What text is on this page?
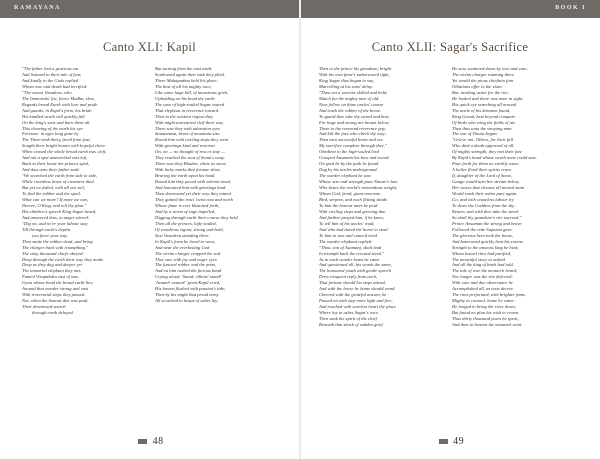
RAMAYANA
Canto XLI: Kapil
"The father lent a gracious ear
And listened to their tale of fear,
And kindly to the Gods replied
Whom woe and death had terrified:
"The wisest Vasudeva, who
The Immortals' foe, fierce Madhu, slew,
Regards broad Earth with love and pride
And guards, in Kapil's form, his bride.
His kindled wrath will quickly fall
On the king's sons and burn them all.
This cleaving of the earth his eye
Foresaw: in ages long gone by
The Three-and-thirty, freed from fear,
Sought their bright homes with hopeful cheer.
When ceased the whole broad earth was cleft,
And not a spot unsearched was left,
Back to their home the princes sped,
And thus unto their father said:
"We searched the earth from side to side,
While countless hosts of creatures died.
But yet we failed, with all our toil,
To find the robber and the spoil.
What can we more? If more we can,
Decree, O King, and tell thy plan."
His children's speech King Sagar heard,
And answered thus, to anger stirred:
"Dig on, and ne'er your labour stay
Till through earth's depths
you force your way.
Then smite the robber dead, and bring
The charger back with triumphing."
The sixty thousand chiefs obeyed:
Deep through the earth their way they made.
Deep as they dug and deeper yet
The immortal elephant they met,
Famed Virupaksha vast of size,
Upon whose head the broad earth lies:
Around that wonder strong and vast
With reverential steps they passed.
Nor, when the honour due was paid,
Their downward search
through earth delayed.
But turning from the east aside
Southward again their task they plied.
There Mahapadma held his place,
The best of all his mighty race,
Like some huge hill, of monstrous girth,
Upholding on his head the earth.
The sons of high-souled Sagar roared
That elephant in reverence toward.
Then in the western region they
With might unwearied cleft their way.
There saw they with adoration eyes
Saumanasa, beast of mountain size.
Round him with circling steps they went
With greetings kind and reverent.
On, on — no thought of rest or stay —
They reached the seat of Soma's sway.
There saw they Bhadra, white as snow,
With lucky marks that fortune show,
Bearing the earth upon his head.
Round him they paced with solemn tread,
And honoured him with greetings kind.
Then downward yet their way they mined.
They gained the tract 'twixt east and north
Whose fame is ever blazoned forth,
And by a storm of rage impelled,
Digging through earth their course they held.
Then all the princes, lofty-souled,
Of wondrous vigour, strong and bold,
Saw Vasudeva standing there
In Kapil's form he loved to wear,
And near the everlasting God
The victim charger cropped the sod.
They saw with joy and eager eyes
The fancied robber and the prize,
And on him rushed the furious band
Crying aloud, 'Stand, villain! stand!'
'Avaunt! avaunt!' great Kapil cried,
His bosom flushed with passion's tide;
Then by his might that proud army
All scorched to heaps of ashes lay.
48
BOOK I
Canto XLII: Sagar's Sacrifice
Then to the prince his grandson, bright
With his own fame's unborrowed light,
King Sagar thus began to say,
Marvelling at his sons' delay:
"Thou art a warrior skilled and bold,
Match for the mighty men of old.
Now follow on thine uncles' course
And track the robber of the horse.
To guard thee take thy sword and bow,
For huge and strong are beasts below.
There to the reverend reverence pay,
And kill the foes who check thy way;
Then turn successful home and see
My sacrifice complete through thee."
Obedient to the high-souled lord
Grasped Ansumán his bow and sword.
On sped he by the path he found
Dug by his uncles underground.
The warder elephant he saw
Whose size and strength pass Nature's law,
Who bears the world's tremendous weight,
Whom God, fiend, giant venerate,
Bird, serpent, and each flitting shade.
To him the honour meet he paid
With circling steps and greeting due,
And further prayed him, if he knew,
To tell him of his uncles' road,
And who had dared the horse to steal.
To him in war and council tried
The warder elephant replied:
"Thou, son of Asamanj, shalt lead
In triumph back the rescued steed."
As to each warder beast he came
And questioned all, his words the same,
The honoured youth with gentle speech
Drew eloquent reply from each,
That fortune should his steps attend,
And with the horse he home should wend.
Cheered with the grateful answer, he
Passed on with step more light and free,
And reached with careless heart the place
Where lay in ashes Sagar's race.
Then sank the spirit of the chief
Beneath that shock of sudden grief.
He saw, scattered down by woe and care,
The victim charger roaming there.
Yet would the pious chieftain fain
Oblations offer to the slain:
But, needing water for the rite,
He looked and there was none in sight.
His quick eye searching all around
The uncle of his kinsmen found,
King Garud, best beyond compare
Of birds who wing the fields of air.
Then thus unto the weeping man
The son of Vinata began:
"Grieve not. Others, for their fall
Who died a death approved of all.
Of mighty strength, they met their fate
By Kapil's hand whose wrath none could sate.
Pour forth for them no earthly wave,
A holier flood their spirits crave.
If, daughter of the Lord of Snow,
Ganga would turn her stream below,
Her waves that cleanse all mortal stain
Would wash their ashes pure again.
Go, and with ceaseless labour try
To draw the Goddess from the sky.
Return, and with thee take the steed:
So shall thy grandsire's rite succeed."
Prince Ansuman the strong and brave
Followed the rede Suparna gave.
The glorious hero took the horse,
And homeward quickly bent his course.
Straight to the anxious king he hied,
Whom lustral rites had purified,
The mournful story to unfold
And all the king of birds had told.
The tale of woe the monarch heard,
Nor longer was the rite deferred:
With care and due observance he
Accomplished all, as texts decree.
The rites performed, with brighter fame,
Mighty in counsel, home he came.
He longed to bring the river down,
But found no plan his wish to crown.
Thus thirty thousand years he spent,
And then to heaven the monarch went.
49
